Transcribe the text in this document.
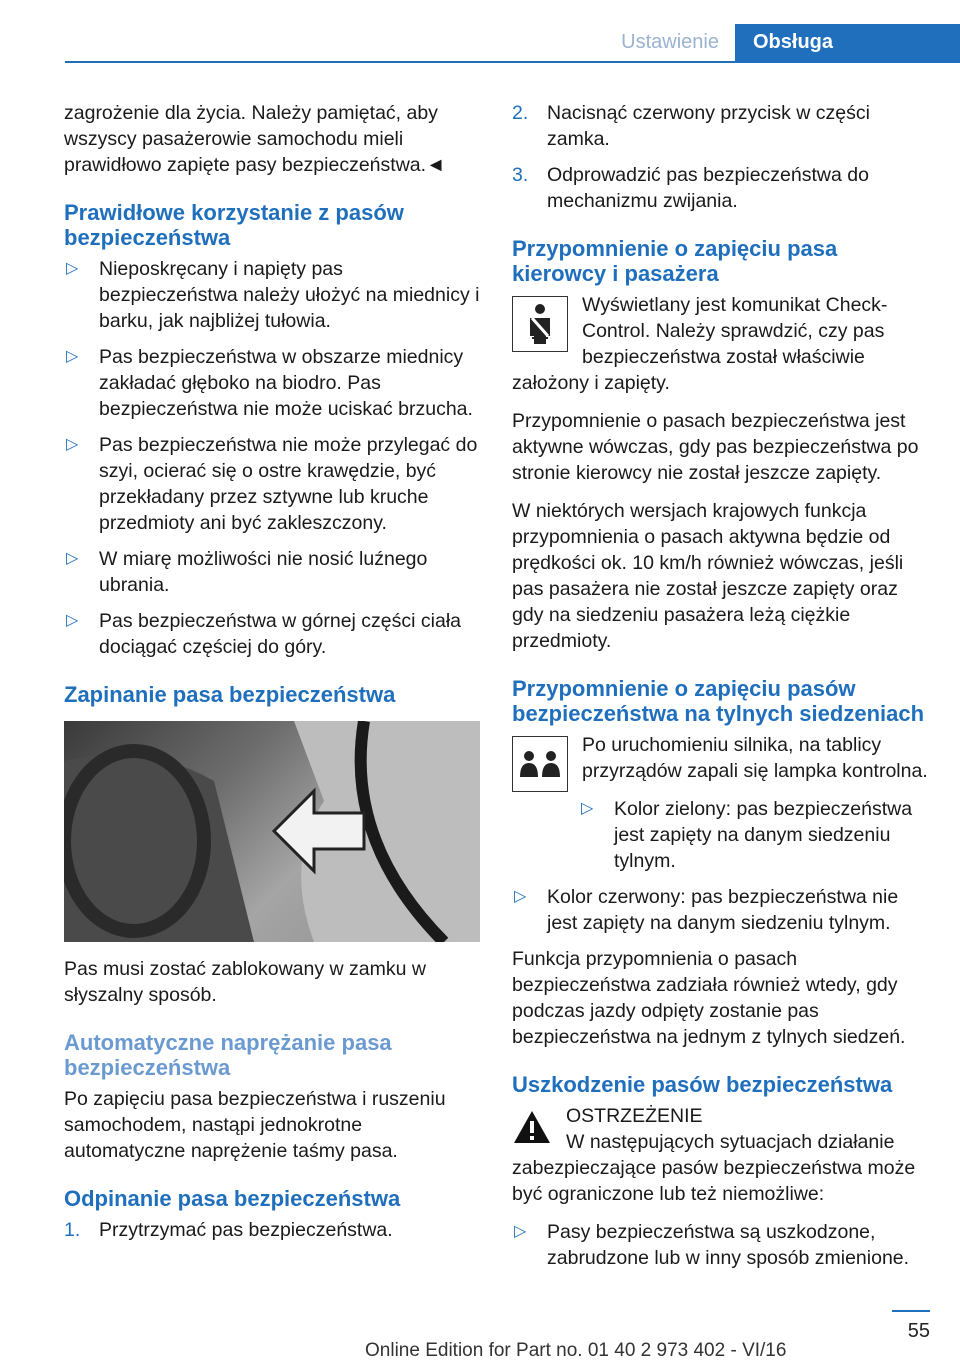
Ustawienie	Obsługa

zagrożenie dla życia. Należy pamiętać, aby wszyscy pasażerowie samochodu mieli prawidłowo zapięte pasy bezpieczeństwa.◄

Prawidłowe korzystanie z pasów bezpieczeństwa
▷ Nieposkręcany i napięty pas bezpieczeństwa należy ułożyć na miednicy i barku, jak najbliżej tułowia.
▷ Pas bezpieczeństwa w obszarze miednicy zakładać głęboko na biodro. Pas bezpieczeństwa nie może uciskać brzucha.
▷ Pas bezpieczeństwa nie może przylegać do szyi, ocierać się o ostre krawędzie, być przekładany przez sztywne lub kruche przedmioty ani być zakleszczony.
▷ W miarę możliwości nie nosić luźnego ubrania.
▷ Pas bezpieczeństwa w górnej części ciała dociągać częściej do góry.
Zapinanie pasa bezpieczeństwa

Pas musi zostać zablokowany w zamku w słyszalny sposób.

Automatyczne naprężanie pasa bezpieczeństwa

Po zapięciu pasa bezpieczeństwa i ruszeniu samochodem, nastąpi jednokrotne automatyczne naprężenie taśmy pasa.

Odpinanie pasa bezpieczeństwa
1. Przytrzymać pas bezpieczeństwa.
2. Nacisnąć czerwony przycisk w części zamka.
3. Odprowadzić pas bezpieczeństwa do mechanizmu zwijania.
Przypomnienie o zapięciu pasa kierowcy i pasażera

Wyświetlany jest komunikat Check-Control. Należy sprawdzić, czy pas bezpieczeństwa został właściwie założony i zapięty.

Przypomnienie o pasach bezpieczeństwa jest aktywne wówczas, gdy pas bezpieczeństwa po stronie kierowcy nie został jeszcze zapięty.

W niektórych wersjach krajowych funkcja przypomnienia o pasach aktywna będzie od prędkości ok. 10 km/h również wówczas, jeśli pas pasażera nie został jeszcze zapięty oraz gdy na siedzeniu pasażera leżą ciężkie przedmioty.

Przypomnienie o zapięciu pasów bezpieczeństwa na tylnych siedzeniach

Po uruchomieniu silnika, na tablicy przyrządów zapali się lampka kontrolna.

▷ Kolor zielony: pas bezpieczeństwa jest zapięty na danym siedzeniu tylnym.
▷ Kolor czerwony: pas bezpieczeństwa nie jest zapięty na danym siedzeniu tylnym.

Funkcja przypomnienia o pasach bezpieczeństwa zadziała również wtedy, gdy podczas jazdy odpięty zostanie pas bezpieczeństwa na jednym z tylnych siedzeń.

Uszkodzenie pasów bezpieczeństwa

OSTRZEŻENIE

W następujących sytuacjach działanie zabezpieczające pasów bezpieczeństwa może być ograniczone lub też niemożliwe:

▷ Pasy bezpieczeństwa są uszkodzone, zabrudzone lub w inny sposób zmienione.
55
Online Edition for Part no. 01 40 2 973 402 - VI/16
